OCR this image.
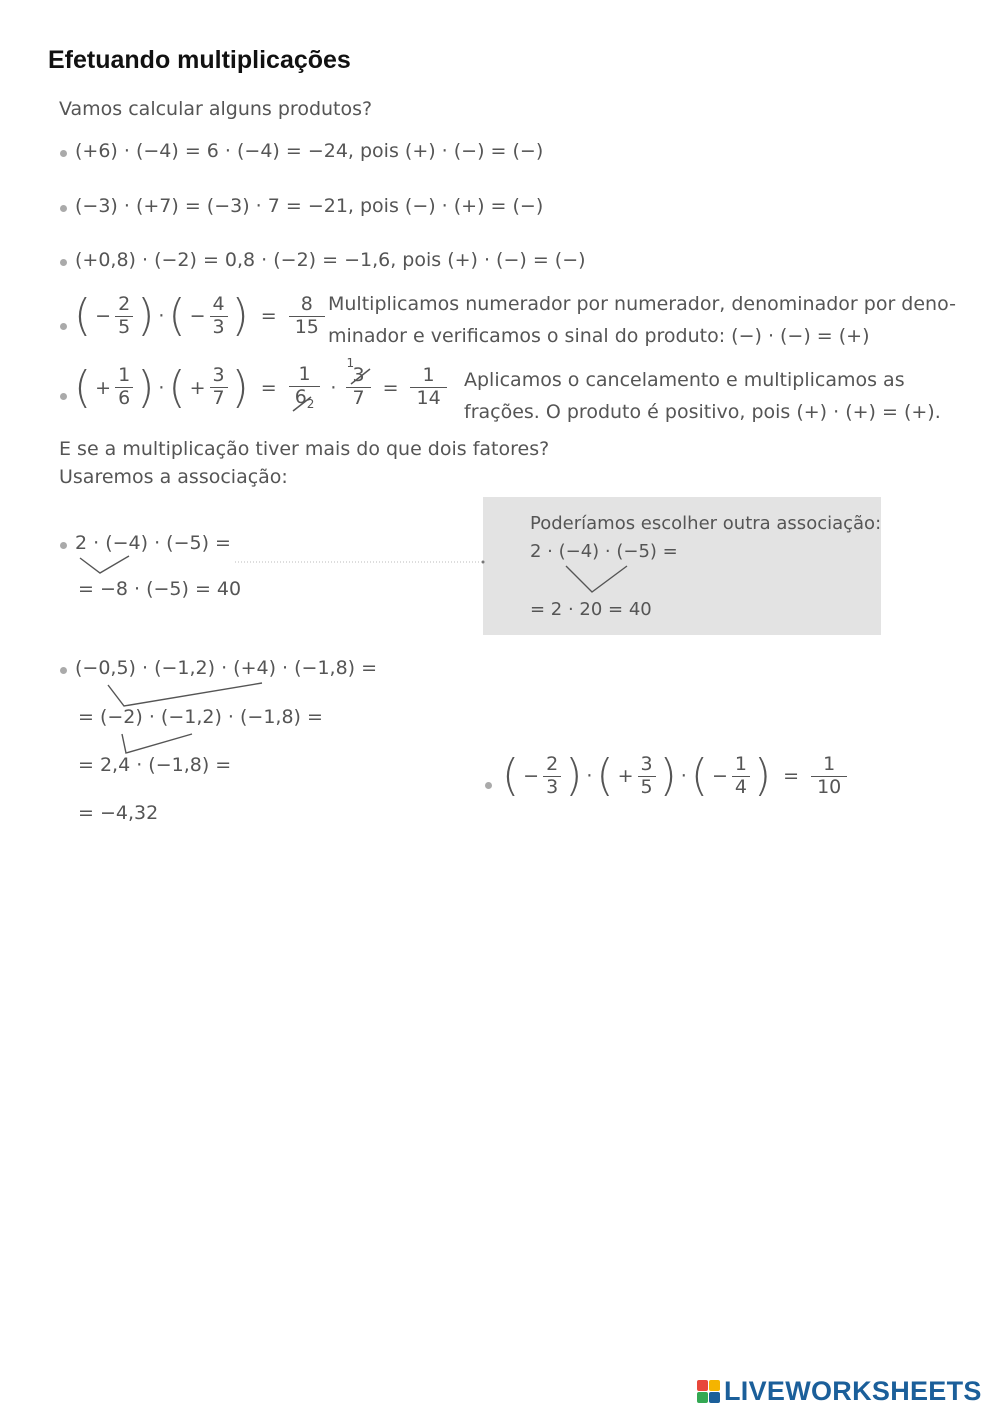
Efetuando multiplicações
Vamos calcular alguns produtos?
(+6) · (−4) = 6 · (−4) = −24, pois (+) · (−) = (−)
(−3) · (+7) = (−3) · 7 = −21, pois (−) · (+) = (−)
(+0,8) · (−2) = 0,8 · (−2) = −1,6, pois (+) · (−) = (−)
( − $\frac{2}{5}$ ) · ( − $\frac{4}{3}$ ) = $\frac{8}{15}$ Multiplicamos numerador por numerador, denominador por deno-
minador e verificamos o sinal do produto: (−) · (−) = (+)
( + $\frac{1}{6}$ ) · ( + $\frac{3}{7}$ ) = $\frac{1}{6_2}$ ·
1
3
$7 = \frac{1}{14}$ Aplicamos o cancelamento e multiplicamos as
frações. O produto é positivo, pois (+) · (+) = (+).
E se a multiplicação tiver mais do que dois fatores?
Usaremos a associação:
2 · (−4) · (−5) =
= −8 · (−5) = 40
Poderíamos escolher outra associação:
2 · (−4) · (−5) =
= 2 · 20 = 40
(−0,5) · (−1,2) · (+4) · (−1,8) =
= (−2) · (−1,2) · (−1,8) =
= 2,4 · (−1,8) =
= −4,32
( − $\frac{2}{3}$ ) · ( + $\frac{3}{5}$ ) · ( − $\frac{1}{4}$ ) = $\frac{1}{10}$
LIVEWORKSHEETS
